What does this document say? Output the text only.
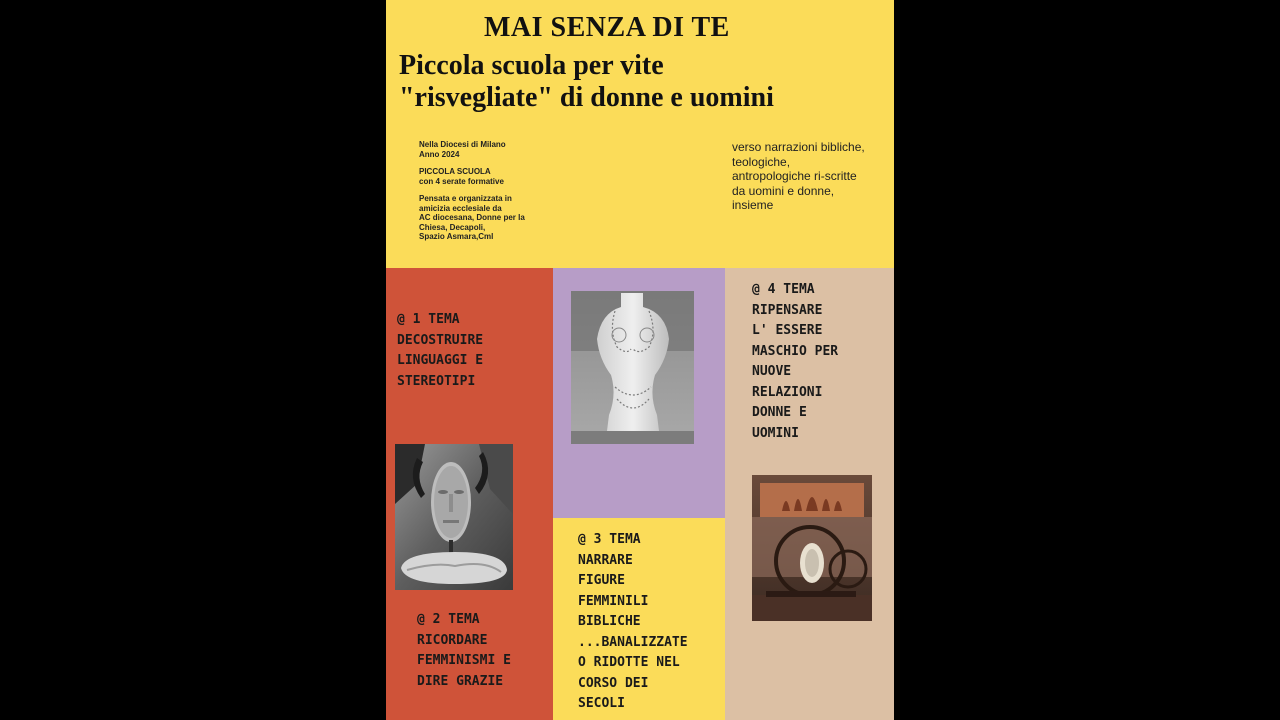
MAI SENZA DI TE
Piccola scuola per vite
"risvegliate" di donne e uomini
Nella Diocesi di Milano
Anno 2024
PICCOLA SCUOLA
con 4 serate formative
Pensata e organizzata in
amicizia ecclesiale da
AC diocesana, Donne per la
Chiesa, Decapoli,
Spazio Asmara,Cml
verso narrazioni bibliche,
teologiche,
antropologiche ri-scritte
da uomini e donne,
insieme
@ 1 TEMA
DECOSTRUIRE
LINGUAGGI E
STEREOTIPI
@ 2 TEMA
RICORDARE
FEMMINISMI E
DIRE GRAZIE
@ 3 TEMA
NARRARE
FIGURE
FEMMINILI
BIBLICHE
...BANALIZZATE
O RIDOTTE NEL
CORSO DEI
SECOLI
@ 4 TEMA
RIPENSARE
L' ESSERE
MASCHIO PER
NUOVE
RELAZIONI
DONNE E
UOMINI
